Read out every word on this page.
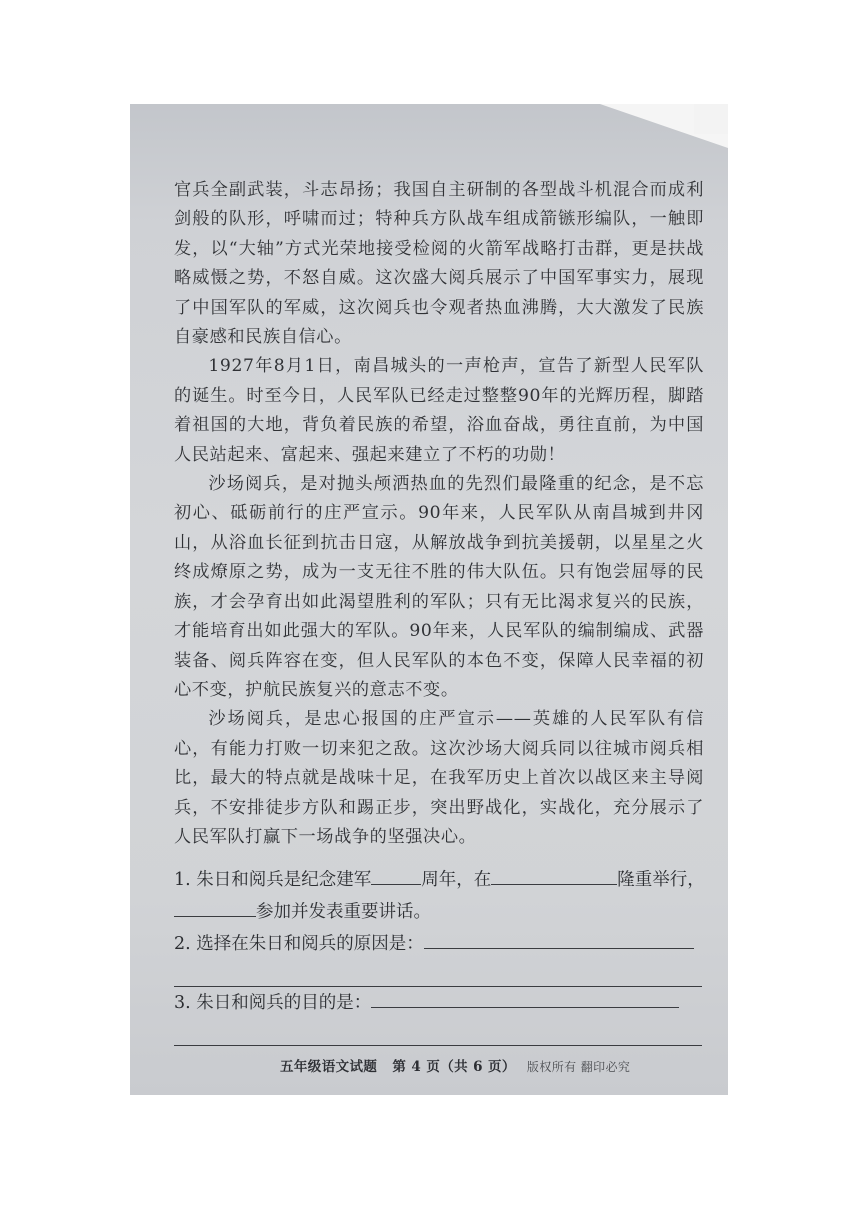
官兵全副武装，斗志昂扬；我国自主研制的各型战斗机混合而成利剑般的队形，呼啸而过；特种兵方队战车组成箭镞形编队，一触即发，以“大轴”方式光荣地接受检阅的火箭军战略打击群，更是扶战略威慑之势，不怒自威。这次盛大阅兵展示了中国军事实力，展现了中国军队的军威，这次阅兵也令观者热血沸腾，大大激发了民族自豪感和民族自信心。

1927年8月1日，南昌城头的一声枪声，宣告了新型人民军队的诞生。时至今日，人民军队已经走过整整90年的光辉历程，脚踏着祖国的大地，背负着民族的希望，浴血奋战，勇往直前，为中国人民站起来、富起来、强起来建立了不朽的功勋！

沙场阅兵，是对抛头颅洒热血的先烈们最隆重的纪念，是不忘初心、砥砺前行的庄严宣示。90年来，人民军队从南昌城到井冈山，从浴血长征到抗击日寇，从解放战争到抗美援朝，以星星之火终成燎原之势，成为一支无往不胜的伟大队伍。只有饱尝屈辱的民族，才会孕育出如此渴望胜利的军队；只有无比渴求复兴的民族，才能培育出如此强大的军队。90年来，人民军队的编制编成、武器装备、阅兵阵容在变，但人民军队的本色不变，保障人民幸福的初心不变，护航民族复兴的意志不变。

沙场阅兵，是忠心报国的庄严宣示——英雄的人民军队有信心，有能力打败一切来犯之敌。这次沙场大阅兵同以往城市阅兵相比，最大的特点就是战味十足，在我军历史上首次以战区来主导阅兵，不安排徒步方队和踢正步，突出野战化，实战化，充分展示了人民军队打赢下一场战争的坚强决心。

1. 朱日和阅兵是纪念建军	周年，在	隆重举行，
参加并发表重要讲话。
2. 选择在朱日和阅兵的原因是：
3. 朱日和阅兵的目的是：
五年级语文试题 第 4 页（共 6 页） 版权所有 翻印必究
